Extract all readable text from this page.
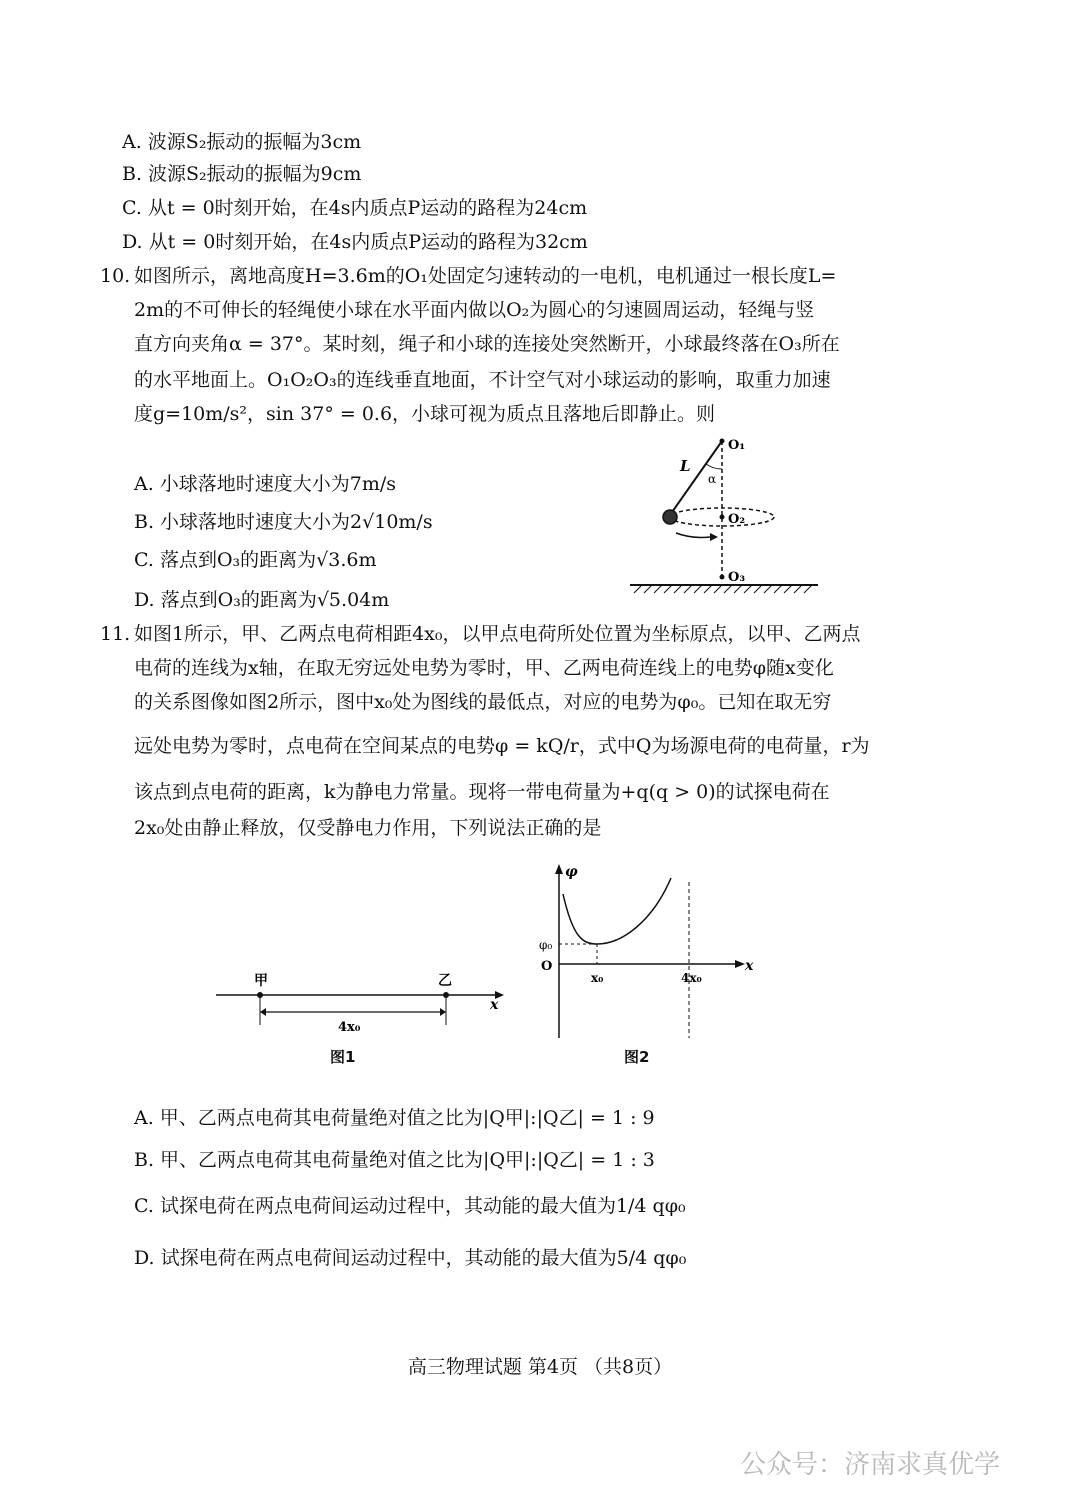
A. 波源S₂振动的振幅为3cm
B. 波源S₂振动的振幅为9cm
C. 从t = 0时刻开始，在4s内质点P运动的路程为24cm
D. 从t = 0时刻开始，在4s内质点P运动的路程为32cm
10. 如图所示，离地高度H=3.6m的O₁处固定匀速转动的一电机，电机通过一根长度L=
2m的不可伸长的轻绳使小球在水平面内做以O₂为圆心的匀速圆周运动，轻绳与竖
直方向夹角α = 37°。某时刻，绳子和小球的连接处突然断开，小球最终落在O₃所在
的水平地面上。O₁O₂O₃的连线垂直地面，不计空气对小球运动的影响，取重力加速
度g=10m/s²，sin 37° = 0.6，小球可视为质点且落地后即静止。则
A. 小球落地时速度大小为7m/s
B. 小球落地时速度大小为2√10m/s
C. 落点到O₃的距离为√3.6m
D. 落点到O₃的距离为√5.04m
O₁
O₂
O₃
L
α
11. 如图1所示，甲、乙两点电荷相距4x₀，以甲点电荷所处位置为坐标原点，以甲、乙两点
电荷的连线为x轴，在取无穷远处电势为零时，甲、乙两电荷连线上的电势φ随x变化
的关系图像如图2所示，图中x₀处为图线的最低点，对应的电势为φ₀。已知在取无穷
远处电势为零时，点电荷在空间某点的电势φ = kQ/r，式中Q为场源电荷的电荷量，r为
该点到点电荷的距离，k为静电力常量。现将一带电荷量为+q(q > 0)的试探电荷在
2x₀处由静止释放，仅受静电力作用，下列说法正确的是
甲	乙
x
4x₀
图1
φ
φ₀
O
x₀	4x₀
x
图2
A. 甲、乙两点电荷其电荷量绝对值之比为|Q甲|:|Q乙| = 1 : 9
B. 甲、乙两点电荷其电荷量绝对值之比为|Q甲|:|Q乙| = 1 : 3
C. 试探电荷在两点电荷间运动过程中，其动能的最大值为1/4 qφ₀
D. 试探电荷在两点电荷间运动过程中，其动能的最大值为5/4 qφ₀
高三物理试题 第4页 （共8页）
公众号：济南求真优学
